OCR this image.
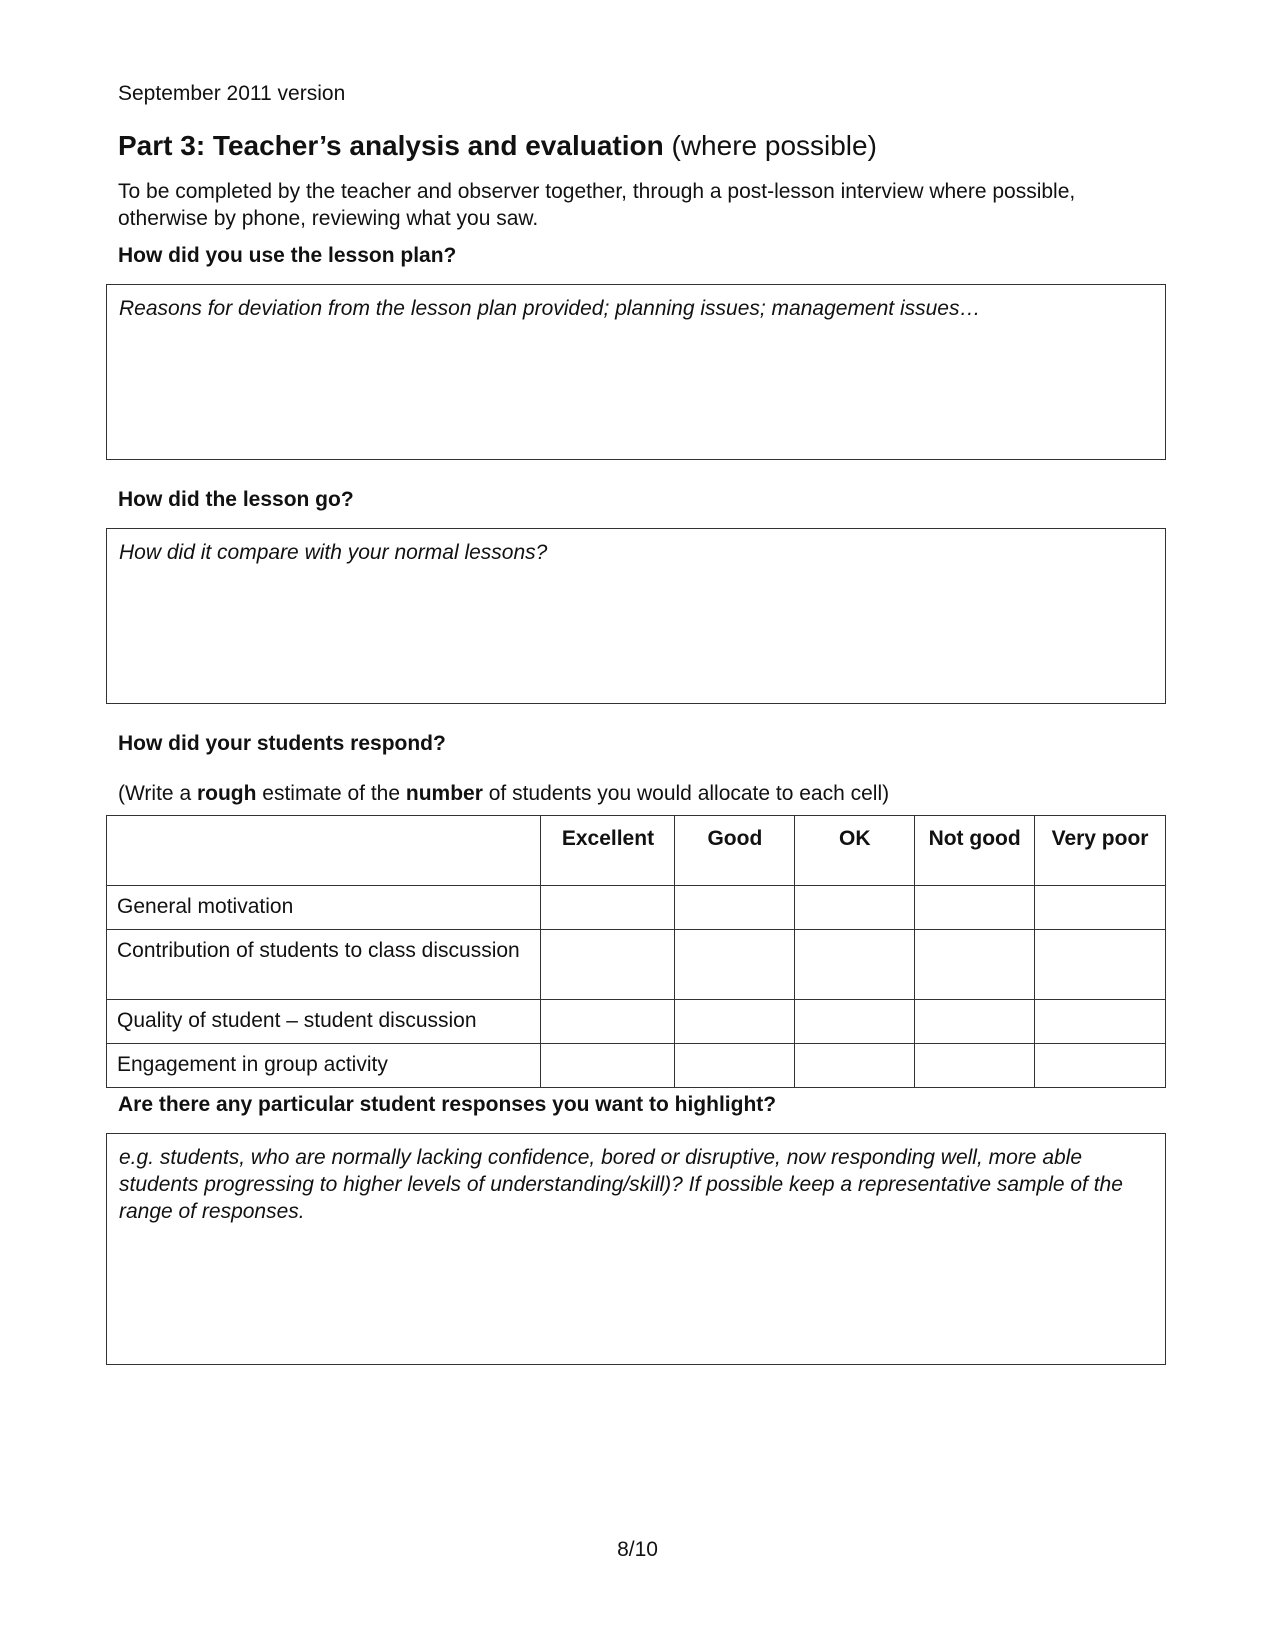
September 2011 version
Part 3: Teacher’s analysis and evaluation (where possible)
To be completed by the teacher and observer together, through a post-lesson interview where possible, otherwise by phone, reviewing what you saw.
How did you use the lesson plan?
Reasons for deviation from the lesson plan provided; planning issues; management issues…
How did the lesson go?
How did it compare with your normal lessons?
How did your students respond?
(Write a rough estimate of the number of students you would allocate to each cell)
	Excellent	Good	OK	Not good	Very poor
General motivation					
Contribution of students to class discussion					
Quality of student – student discussion					
Engagement in group activity					
Are there any particular student responses you want to highlight?
e.g. students, who are normally lacking confidence, bored or disruptive, now responding well, more able students progressing to higher levels of understanding/skill)? If possible keep a representative sample of the range of responses.
8/10
